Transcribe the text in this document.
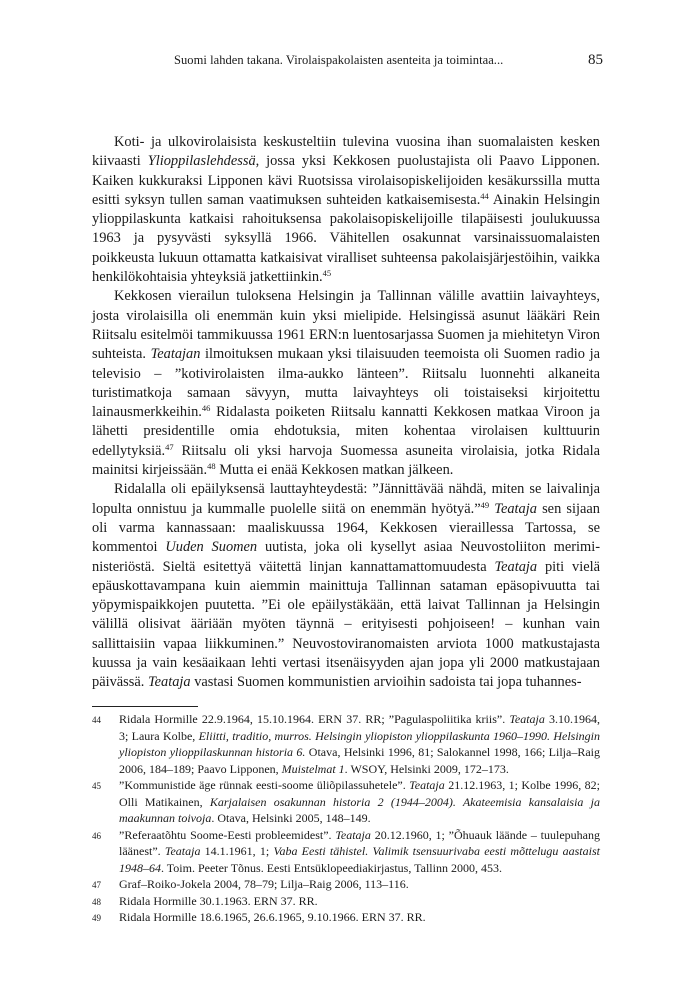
Suomi lahden takana. Virolaispakolaisten asenteita ja toimintaa...	85

Koti- ja ulkovirolaisista keskusteltiin tulevina vuosina ihan suomalaisten kesken kiivaasti Ylioppilaslehdessä, jossa yksi Kekkosen puolustajista oli Paavo Lipponen. Kaiken kukkuraksi Lipponen kävi Ruotsissa virolaisopiskelijoiden kesäkurssilla mutta esitti syksyn tullen saman vaatimuksen suhteiden katkaisemisesta.$^{44}$ Ainakin Helsingin ylioppilaskunta katkaisi rahoituksensa pakolaisopiskelijoille tilapäisesti joulukuussa 1963 ja pysyvästi syksyllä 1966. Vähitellen osakunnat varsinaissuomalaisten poikkeusta lukuun ottamatta katkaisivat viralliset suhteensa pakolaisjärjestöihin, vaikka henkilökohtaisia yhteyksiä jatkettiinkin.$^{45}$

Kekkosen vierailun tuloksena Helsingin ja Tallinnan välille avattiin laivayhteys, josta virolaisilla oli enemmän kuin yksi mielipide. Helsingissä asunut lääkäri Rein Riitsalu esitelmöi tammikuussa 1961 ERN:n luentosarjassa Suomen ja miehitetyn Viron suhteista. Teatajan ilmoituksen mukaan yksi tilaisuuden teemoista oli Suomen radio ja televisio – ”kotivirolaisten ilma-aukko länteen”. Riitsalu luonnehti alkaneita turistimatkoja samaan sävyyn, mutta laivayhteys oli toistaiseksi kirjoitettu lainausmerkkeihin.$^{46}$ Ridalasta poiketen Riitsalu kannatti Kekkosen matkaa Viroon ja lähetti presidentille omia ehdotuksia, miten kohentaa virolaisen kulttuurin edellytyksiä.$^{47}$ Riitsalu oli yksi harvoja Suomessa asuneita virolaisia, jotka Ridala mainitsi kirjeissään.$^{48}$ Mutta ei enää Kekkosen matkan jälkeen.

Ridalalla oli epäilyksensä lauttayhteydestä: ”Jännittävää nähdä, miten se laivalinja lopulta onnistuu ja kummalle puolelle siitä on enemmän hyötyä.”$^{49}$ Teataja sen sijaan oli varma kannassaan: maaliskuussa 1964, Kekkosen vieraillessa Tartossa, se kommentoi Uuden Suomen uutista, joka oli kysellyt asiaa Neuvostoliiton meriministeriöstä. Sieltä esitettyä väitettä linjan kannattamattomuudesta Teataja piti vielä epäuskottavampana kuin aiemmin mainittuja Tallinnan sataman epäsopivuutta tai yöpymispaikkojen puutetta. ”Ei ole epäilystäkään, että laivat Tallinnan ja Helsingin välillä olisivat ääriään myöten täynnä – erityisesti pohjoiseen! – kunhan vain sallittaisiin vapaa liikkuminen.” Neuvostoviranomaisten arviota 1000 matkustajasta kuussa ja vain kesäaikaan lehti vertasi itsenäisyyden ajan jopa yli 2000 matkustajaan päivässä. Teataja vastasi Suomen kommunistien arvioihin sadoista tai jopa tuhannes-

44 Ridala Hormille 22.9.1964, 15.10.1964. ERN 37. RR; ”Pagulaspoliitika kriis”. Teataja 3.10.1964, 3; Laura Kolbe, Eliitti, traditio, murros. Helsingin yliopiston ylioppilaskunta 1960–1990. Helsingin yliopiston ylioppilaskunnan historia 6. Otava, Helsinki 1996, 81; Salokannel 1998, 166; Lilja–Raig 2006, 184–189; Paavo Lipponen, Muistelmat 1. WSOY, Helsinki 2009, 172–173.
45 ”Kommunistide äge rünnak eesti-soome üliõpilassuhetele”. Teataja 21.12.1963, 1; Kolbe 1996, 82; Olli Matikainen, Karjalaisen osakunnan historia 2 (1944–2004). Akateemisia kansalaisia ja maakunnan toivoja. Otava, Helsinki 2005, 148–149.
46 ”Referaatõhtu Soome-Eesti probleemidest”. Teataja 20.12.1960, 1; ”Õhuauk läände – tuulepuhang läänest”. Teataja 14.1.1961, 1; Vaba Eesti tähistel. Valimik tsensuurivaba eesti mõttelugu aastaist 1948–64. Toim. Peeter Tõnus. Eesti Entsüklopeediakirjastus, Tallinn 2000, 453.
47 Graf–Roiko-Jokela 2004, 78–79; Lilja–Raig 2006, 113–116.
48 Ridala Hormille 30.1.1963. ERN 37. RR.
49 Ridala Hormille 18.6.1965, 26.6.1965, 9.10.1966. ERN 37. RR.
